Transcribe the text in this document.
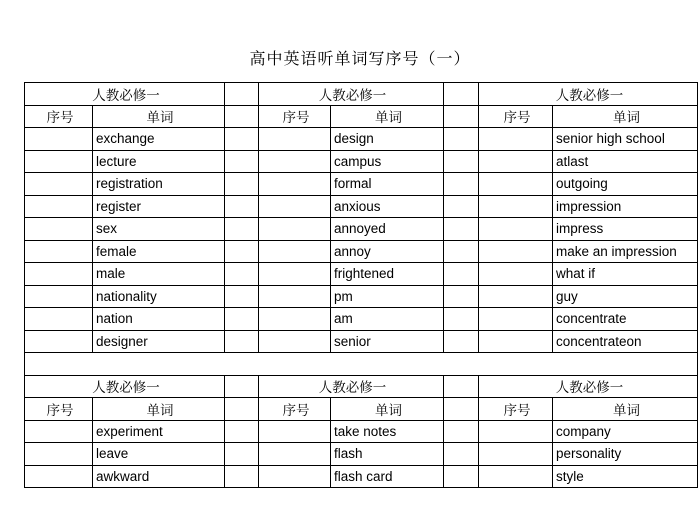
高中英语听单词写序号（一）
人教必修一			人教必修一			人教必修一	
序号	单词		序号	单词		序号	单词
	exchange			design			senior high school
	lecture			campus			atlast
	registration			formal			outgoing
	register			anxious			impression
	sex			annoyed			impress
	female			annoy			make an impression
	male			frightened			what if
	nationality			pm			guy
	nation			am			concentrate
	designer			senior			concentrateon

人教必修一			人教必修一			人教必修一	
序号	单词		序号	单词		序号	单词
	experiment			take notes			company
	leave			flash			personality
	awkward			flash card			style
